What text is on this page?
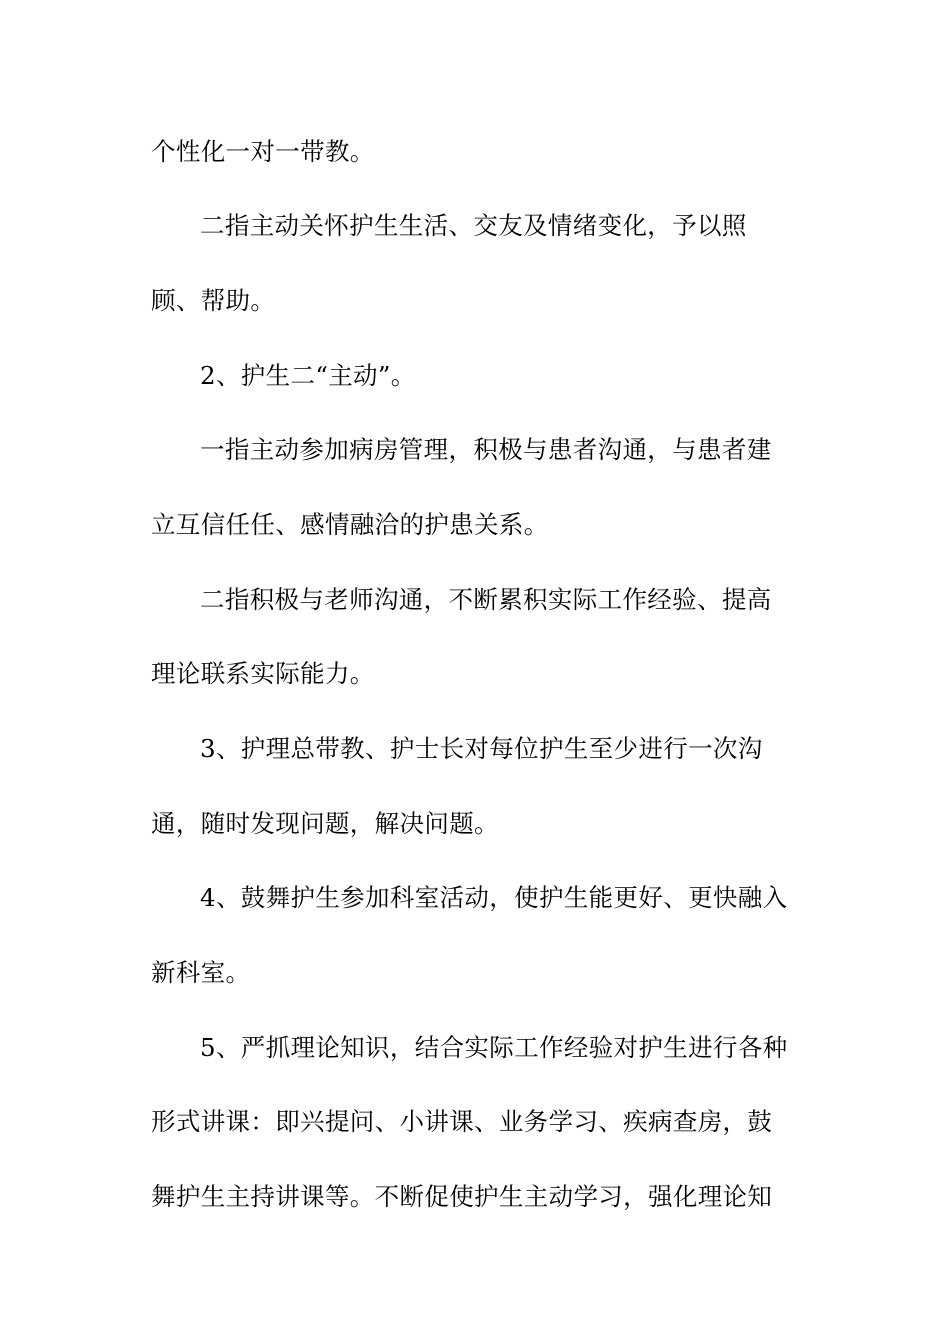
个性化一对一带教。

二指主动关怀护生生活、交友及情绪变化，予以照

顾、帮助。

2、护生二“主动”。

一指主动参加病房管理，积极与患者沟通，与患者建

立互信任任、感情融洽的护患关系。

二指积极与老师沟通，不断累积实际工作经验、提高

理论联系实际能力。

3、护理总带教、护士长对每位护生至少进行一次沟

通，随时发现问题，解决问题。

4、鼓舞护生参加科室活动，使护生能更好、更快融入

新科室。

5、严抓理论知识，结合实际工作经验对护生进行各种

形式讲课：即兴提问、小讲课、业务学习、疾病查房，鼓

舞护生主持讲课等。不断促使护生主动学习，强化理论知
